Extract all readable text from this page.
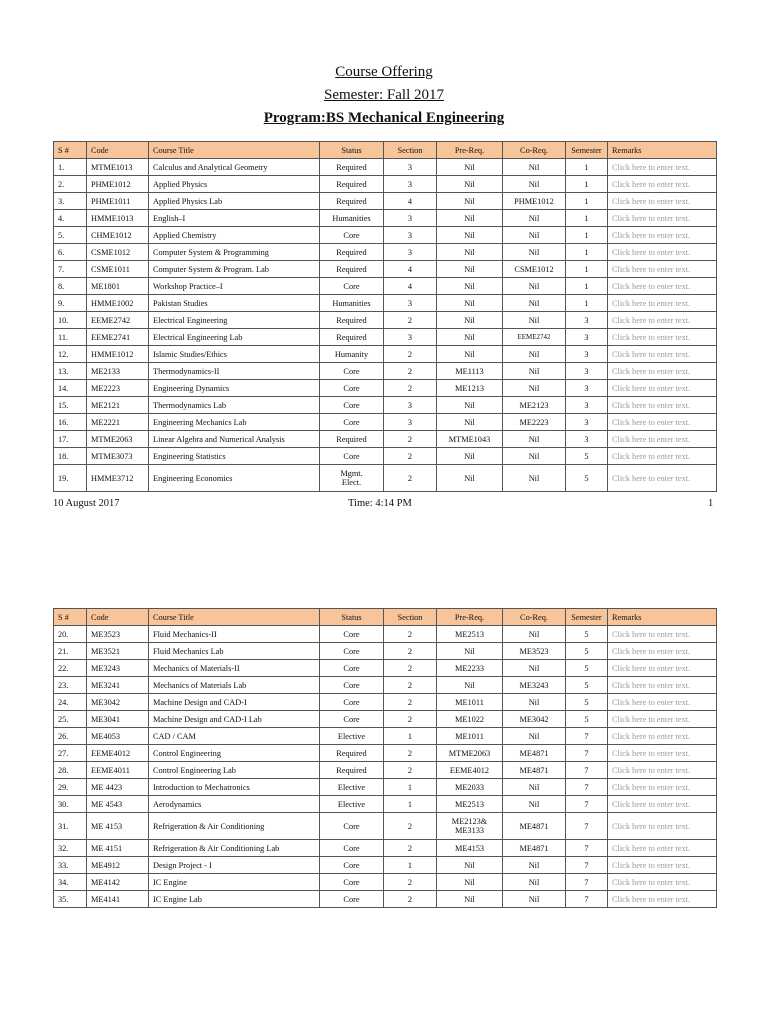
Course Offering
Semester: Fall 2017
Program:BS Mechanical Engineering
S #	Code	Course Title	Status	Section	Pre-Req.	Co-Req.	Semester	Remarks
1.	MTME1013	Calculus and Analytical Geometry	Required	3	Nil	Nil	1	Click here to enter text.
2.	PHME1012	Applied Physics	Required	3	Nil	Nil	1	Click here to enter text.
3.	PHME1011	Applied Physics Lab	Required	4	Nil	PHME1012	1	Click here to enter text.
4.	HMME1013	English–I	Humanities	3	Nil	Nil	1	Click here to enter text.
5.	CHME1012	Applied Chemistry	Core	3	Nil	Nil	1	Click here to enter text.
6.	CSME1012	Computer System & Programming	Required	3	Nil	Nil	1	Click here to enter text.
7.	CSME1011	Computer System & Program. Lab	Required	4	Nil	CSME1012	1	Click here to enter text.
8.	ME1801	Workshop Practice–I	Core	4	Nil	Nil	1	Click here to enter text.
9.	HMME1002	Pakistan Studies	Humanities	3	Nil	Nil	1	Click here to enter text.
10.	EEME2742	Electrical Engineering	Required	2	Nil	Nil	3	Click here to enter text.
11.	EEME2741	Electrical Engineering Lab	Required	3	Nil	EEME2742	3	Click here to enter text.
12.	HMME1012	Islamic Studies/Ethics	Humanity	2	Nil	Nil	3	Click here to enter text.
13.	ME2133	Thermodynamics-II	Core	2	ME1113	Nil	3	Click here to enter text.
14.	ME2223	Engineering Dynamics	Core	2	ME1213	Nil	3	Click here to enter text.
15.	ME2121	Thermodynamics Lab	Core	3	Nil	ME2123	3	Click here to enter text.
16.	ME2221	Engineering Mechanics Lab	Core	3	Nil	ME2223	3	Click here to enter text.
17.	MTME2063	Linear Algebra and Numerical Analysis	Required	2	MTME1043	Nil	3	Click here to enter text.
18.	MTME3073	Engineering Statistics	Core	2	Nil	Nil	5	Click here to enter text.
19.	HMME3712	Engineering Economics	Mgmt.
Elect.	2	Nil	Nil	5	Click here to enter text.
10 August 2017	Time: 4:14 PM	1
S #	Code	Course Title	Status	Section	Pre-Req.	Co-Req.	Semester	Remarks
20.	ME3523	Fluid Mechanics-II	Core	2	ME2513	Nil	5	Click here to enter text.
21.	ME3521	Fluid Mechanics Lab	Core	2	Nil	ME3523	5	Click here to enter text.
22.	ME3243	Mechanics of Materials-II	Core	2	ME2233	Nil	5	Click here to enter text.
23.	ME3241	Mechanics of Materials Lab	Core	2	Nil	ME3243	5	Click here to enter text.
24.	ME3042	Machine Design and CAD-I	Core	2	ME1011	Nil	5	Click here to enter text.
25.	ME3041	Machine Design and CAD-I Lab	Core	2	ME1022	ME3042	5	Click here to enter text.
26.	ME4053	CAD / CAM	Elective	1	ME1011	Nil	7	Click here to enter text.
27.	EEME4012	Control Engineering	Required	2	MTME2063	ME4871	7	Click here to enter text.
28.	EEME4011	Control Engineering Lab	Required	2	EEME4012	ME4871	7	Click here to enter text.
29.	ME 4423	Introduction to Mechatronics	Elective	1	ME2033	Nil	7	Click here to enter text.
30.	ME 4543	Aerodynamics	Elective	1	ME2513	Nil	7	Click here to enter text.
31.	ME 4153	Refrigeration & Air Conditioning	Core	2	ME2123&
ME3133	ME4871	7	Click here to enter text.
32.	ME 4151	Refrigeration & Air Conditioning Lab	Core	2	ME4153	ME4871	7	Click here to enter text.
33.	ME4912	Design Project - I	Core	1	Nil	Nil	7	Click here to enter text.
34.	ME4142	IC Engine	Core	2	Nil	Nil	7	Click here to enter text.
35.	ME4141	IC Engine Lab	Core	2	Nil	Nil	7	Click here to enter text.
